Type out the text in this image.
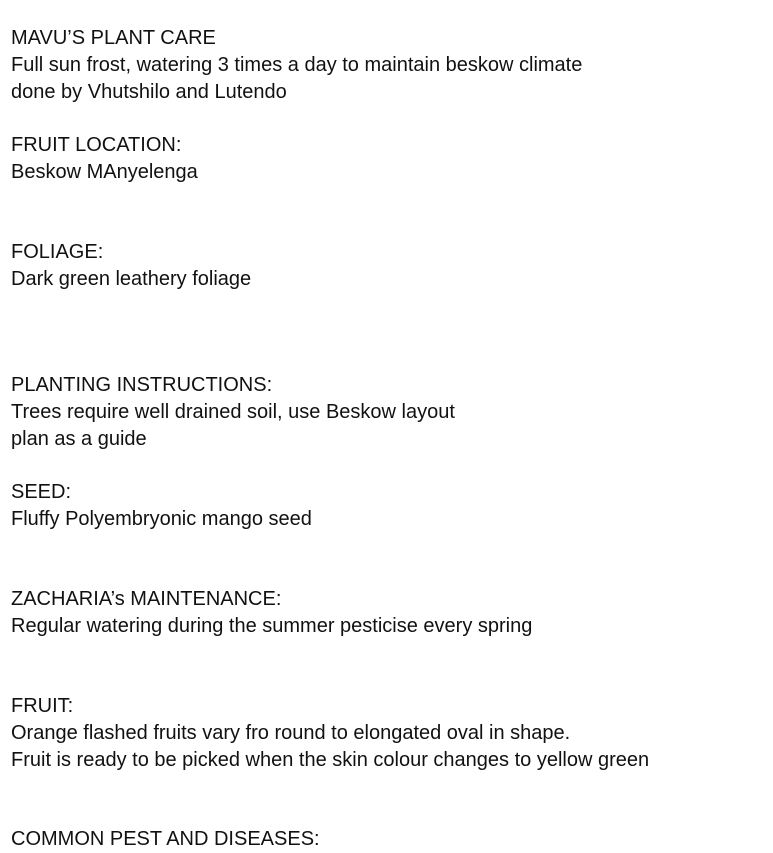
MAVU’S PLANT CARE
Full sun frost, watering 3 times a day to maintain beskow climate
done by Vhutshilo and Lutendo
FRUIT LOCATION:
Beskow MAnyelenga
FOLIAGE:
Dark green leathery foliage
PLANTING INSTRUCTIONS:
Trees require well drained soil, use Beskow layout
plan as a guide
SEED:
Fluffy Polyembryonic mango seed
ZACHARIA’s MAINTENANCE:
Regular watering during the summer pesticise every spring
FRUIT:
Orange flashed fruits vary fro round to elongated oval in shape.
Fruit is ready to be picked when the skin colour changes to yellow green
COMMON PEST AND DISEASES:
